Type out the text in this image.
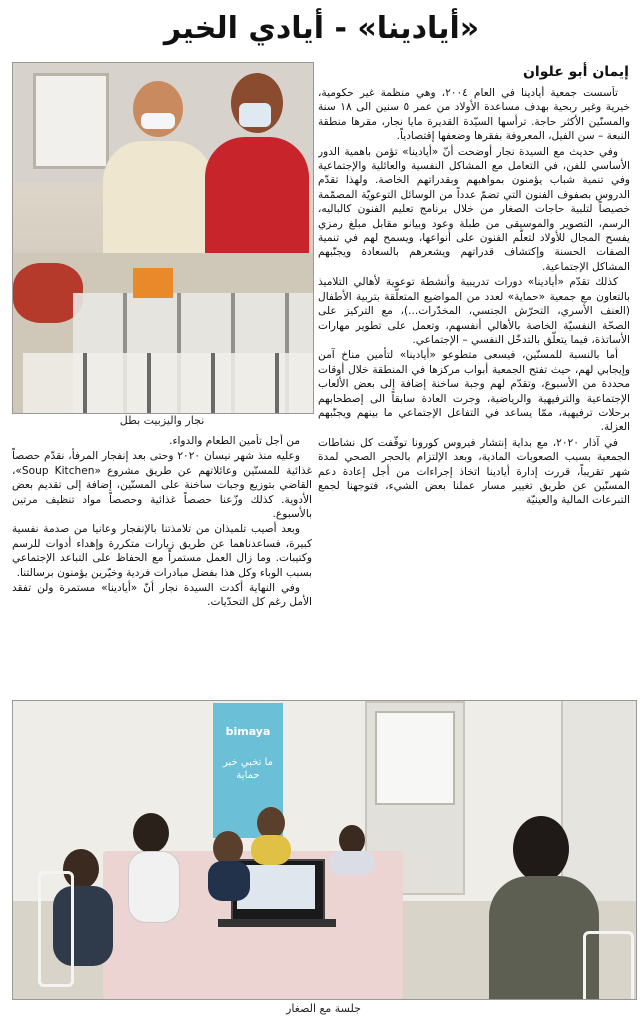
«أيادينا» - أيادي الخير
إيمان أبو علوان
نجار واليزبيت بطل

تأسست جمعية أيادينا في العام ٢٠٠٤، وهي منظمة غير حكومية، خيرية وغير ربحية بهدف مساعدة الأولاد من عمر ٥ سنين الى ١٨ سنة والمسنّين الأكثر حاجة. ترأسها السيّدة القديرة مايا نجار، مقرها منطقة النبعة – سن الفيل، المعروفة بفقرها وضعفها إقتصادياً.

وفي حديث مع السيدة نجار أوضحت أنّ «أيادينا» تؤمن باهمية الدور الأساسي للفن، في التعامل مع المشاكل النفسية والعائلية والإجتماعية وفي تنمية شباب يؤمنون بمواهبهم وبقدراتهم الخاصة. ولهذا تقدّم الدروس بصفوف الفنون التي تضمّ عدداً من الوسائل التوعويّة المصمّمة خصيصاً لتلبية حاجات الصغار من خلال برنامج تعليم الفنون كالباليه، الرسم، التصوير والموسيقى من طبلة وعود وبيانو مقابل مبلغ رمزي يفسح المجال للأولاد لتعلّم الفنون على أنواعها، ويسمح لهم في تنمية الصفات الحسنة وإكتشاف قدراتهم ويشعرهم بالسعادة ويجنّبهم المشاكل الإجتماعية.

كذلك تقدّم «أيادينا» دورات تدريبية وأنشطة توعوية لأهالي التلاميذ بالتعاون مع جمعية «حماية» لعدد من المواضيع المتعلّقة بتربية الأطفال (العنف الأسري، التحرّش الجنسي، المخدّرات...)، مع التركيز على الصحّة النفسيّة الخاصة بالأهالي أنفسهم، وتعمل على تطوير مهارات الأساتذة، فيما يتعلّق بالتدخّل النفسي – الإجتماعي.

أما بالنسبة للمسنّين، فيسعى متطوعو «أيادينا» لتأمين مناخ آمن وإيجابي لهم، حيث تفتح الجمعية أبواب مركزها في المنطقة خلال أوقات محددة من الأسبوع، وتقدّم لهم وجبة ساخنة إضافة إلى بعض الألعاب الإجتماعية والترفيهية والرياضية، وجرت العادة سابقاً الى إصطحابهم برحلات ترفيهية، ممّا يساعد في التفاعل الإجتماعي ما بينهم ويجنّبهم العزلة.

في آذار ٢٠٢٠، مع بداية إنتشار فيروس كورونا توقّفت كل نشاطات الجمعية بسبب الصعوبات المادية، وبعد الإلتزام بالحجر الصحي لمدة شهر تقريباً، قررت إدارة أيادينا اتخاذ إجراءات من أجل إعادة دعم المسنّين عن طريق تغيير مسار عملنا بعض الشيء، فتوجهنا لجمع التبرعات المالية والعينيّة

من أجل تأمين الطعام والدواء.

وعليه منذ شهر نيسان ٢٠٢٠ وحتى بعد إنفجار المرفأ، نقدّم حصصاً غذائية للمسنّين وعائلاتهم عن طريق مشروع «Soup Kitchen»، القاضي بتوزيع وجبات ساخنة على المسنّين، إضافة إلى تقديم بعض الأدوية. كذلك وزّعنا حصصاً غذائية وحصصاً مواد تنظيف مرتين بالأسبوع.

وبعد أصيب تلميذان من تلامذتنا بالإنفجار وعانيا من صدمة نفسية كبيرة، فساعدناهما عن طريق زيارات متكررة وإهداء أدوات للرسم وكتيبات. وما زال العمل مستمراً مع الحفاظ على التباعد الإجتماعي بسبب الوباء وكل هذا بفضل مبادرات فردية وخيّرين يؤمنون برسالتنا.

وفي النهاية أكدت السيدة نجار أنّ «أيادينا» مستمرة ولن تفقد الأمل رغم كل التحدّيات.

bimaya
ما تخبي خبر حماية
جلسة مع الصغار
